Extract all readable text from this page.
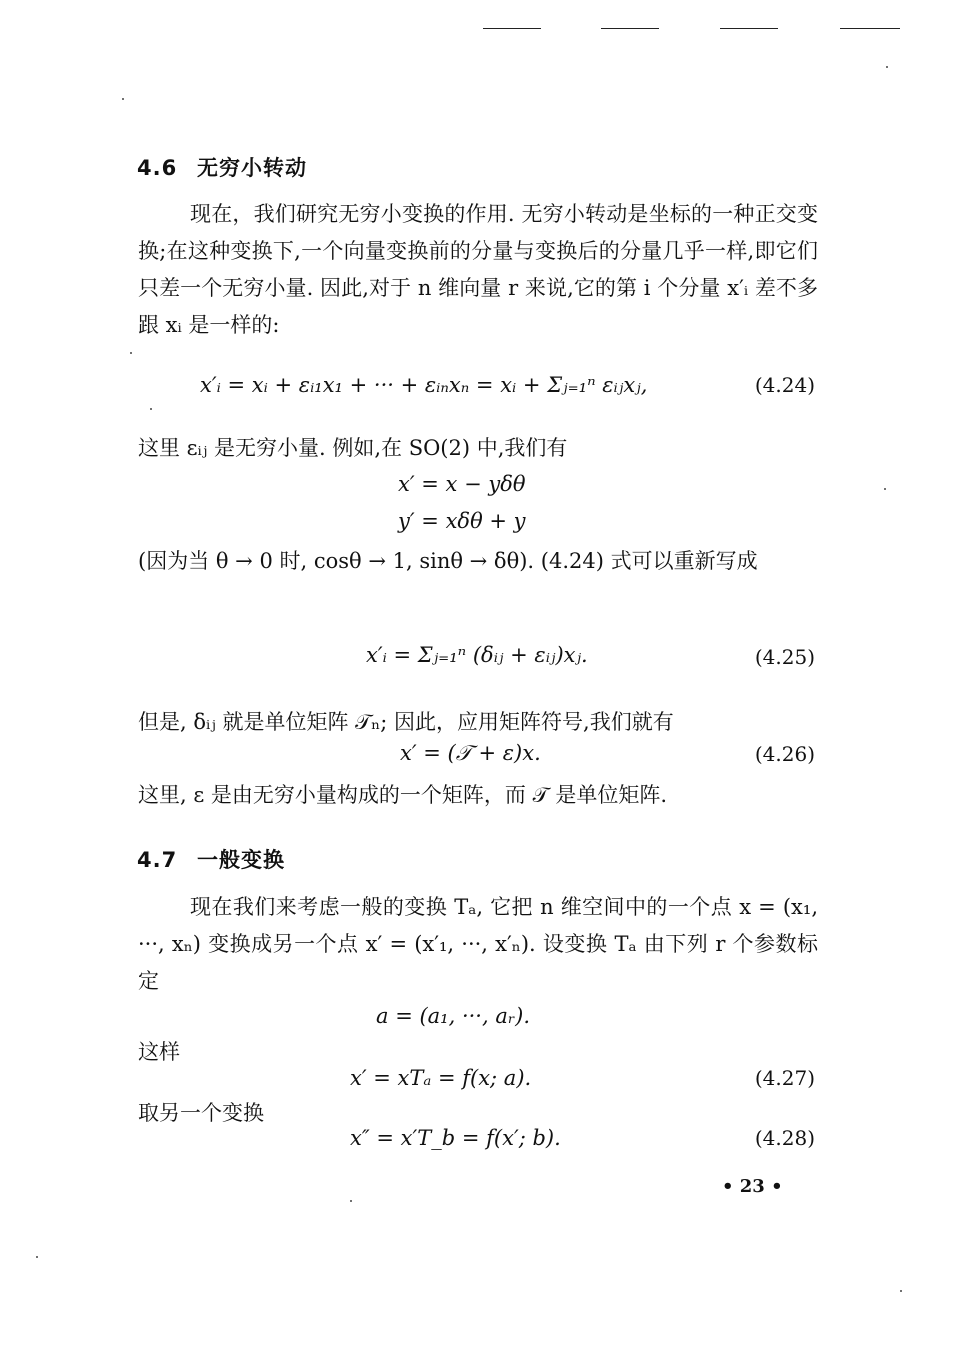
4.6 无穷小转动
现在，我们研究无穷小变换的作用. 无穷小转动是坐标的一种正交变换;在这种变换下,一个向量变换前的分量与变换后的分量几乎一样,即它们只差一个无穷小量. 因此,对于 n 维向量 r 来说,它的第 i 个分量 x′ᵢ 差不多跟 xᵢ 是一样的:
x′ᵢ = xᵢ + εᵢ₁x₁ + ··· + εᵢₙxₙ = xᵢ + Σⱼ₌₁ⁿ εᵢⱼxⱼ,	(4.24)
这里 εᵢⱼ 是无穷小量. 例如,在 SO(2) 中,我们有
x′ = x − yδθ
y′ = xδθ + y
(因为当 θ → 0 时, cosθ → 1, sinθ → δθ). (4.24) 式可以重新写成
x′ᵢ = Σⱼ₌₁ⁿ (δᵢⱼ + εᵢⱼ)xⱼ.	(4.25)
但是, δᵢⱼ 就是单位矩阵 𝒯ₙ; 因此，应用矩阵符号,我们就有
x′ = (𝒯 + ε)x.	(4.26)
这里, ε 是由无穷小量构成的一个矩阵，而 𝒯 是单位矩阵.
4.7 一般变换
现在我们来考虑一般的变换 Tₐ, 它把 n 维空间中的一个点 x = (x₁, ···, xₙ) 变换成另一个点 x′ = (x′₁, ···, x′ₙ). 设变换 Tₐ 由下列 r 个参数标定
a = (a₁, ···, aᵣ).
这样
x′ = xTₐ = f(x; a).	(4.27)
取另一个变换
x″ = x′T_b = f(x′; b).	(4.28)
• 23 •
